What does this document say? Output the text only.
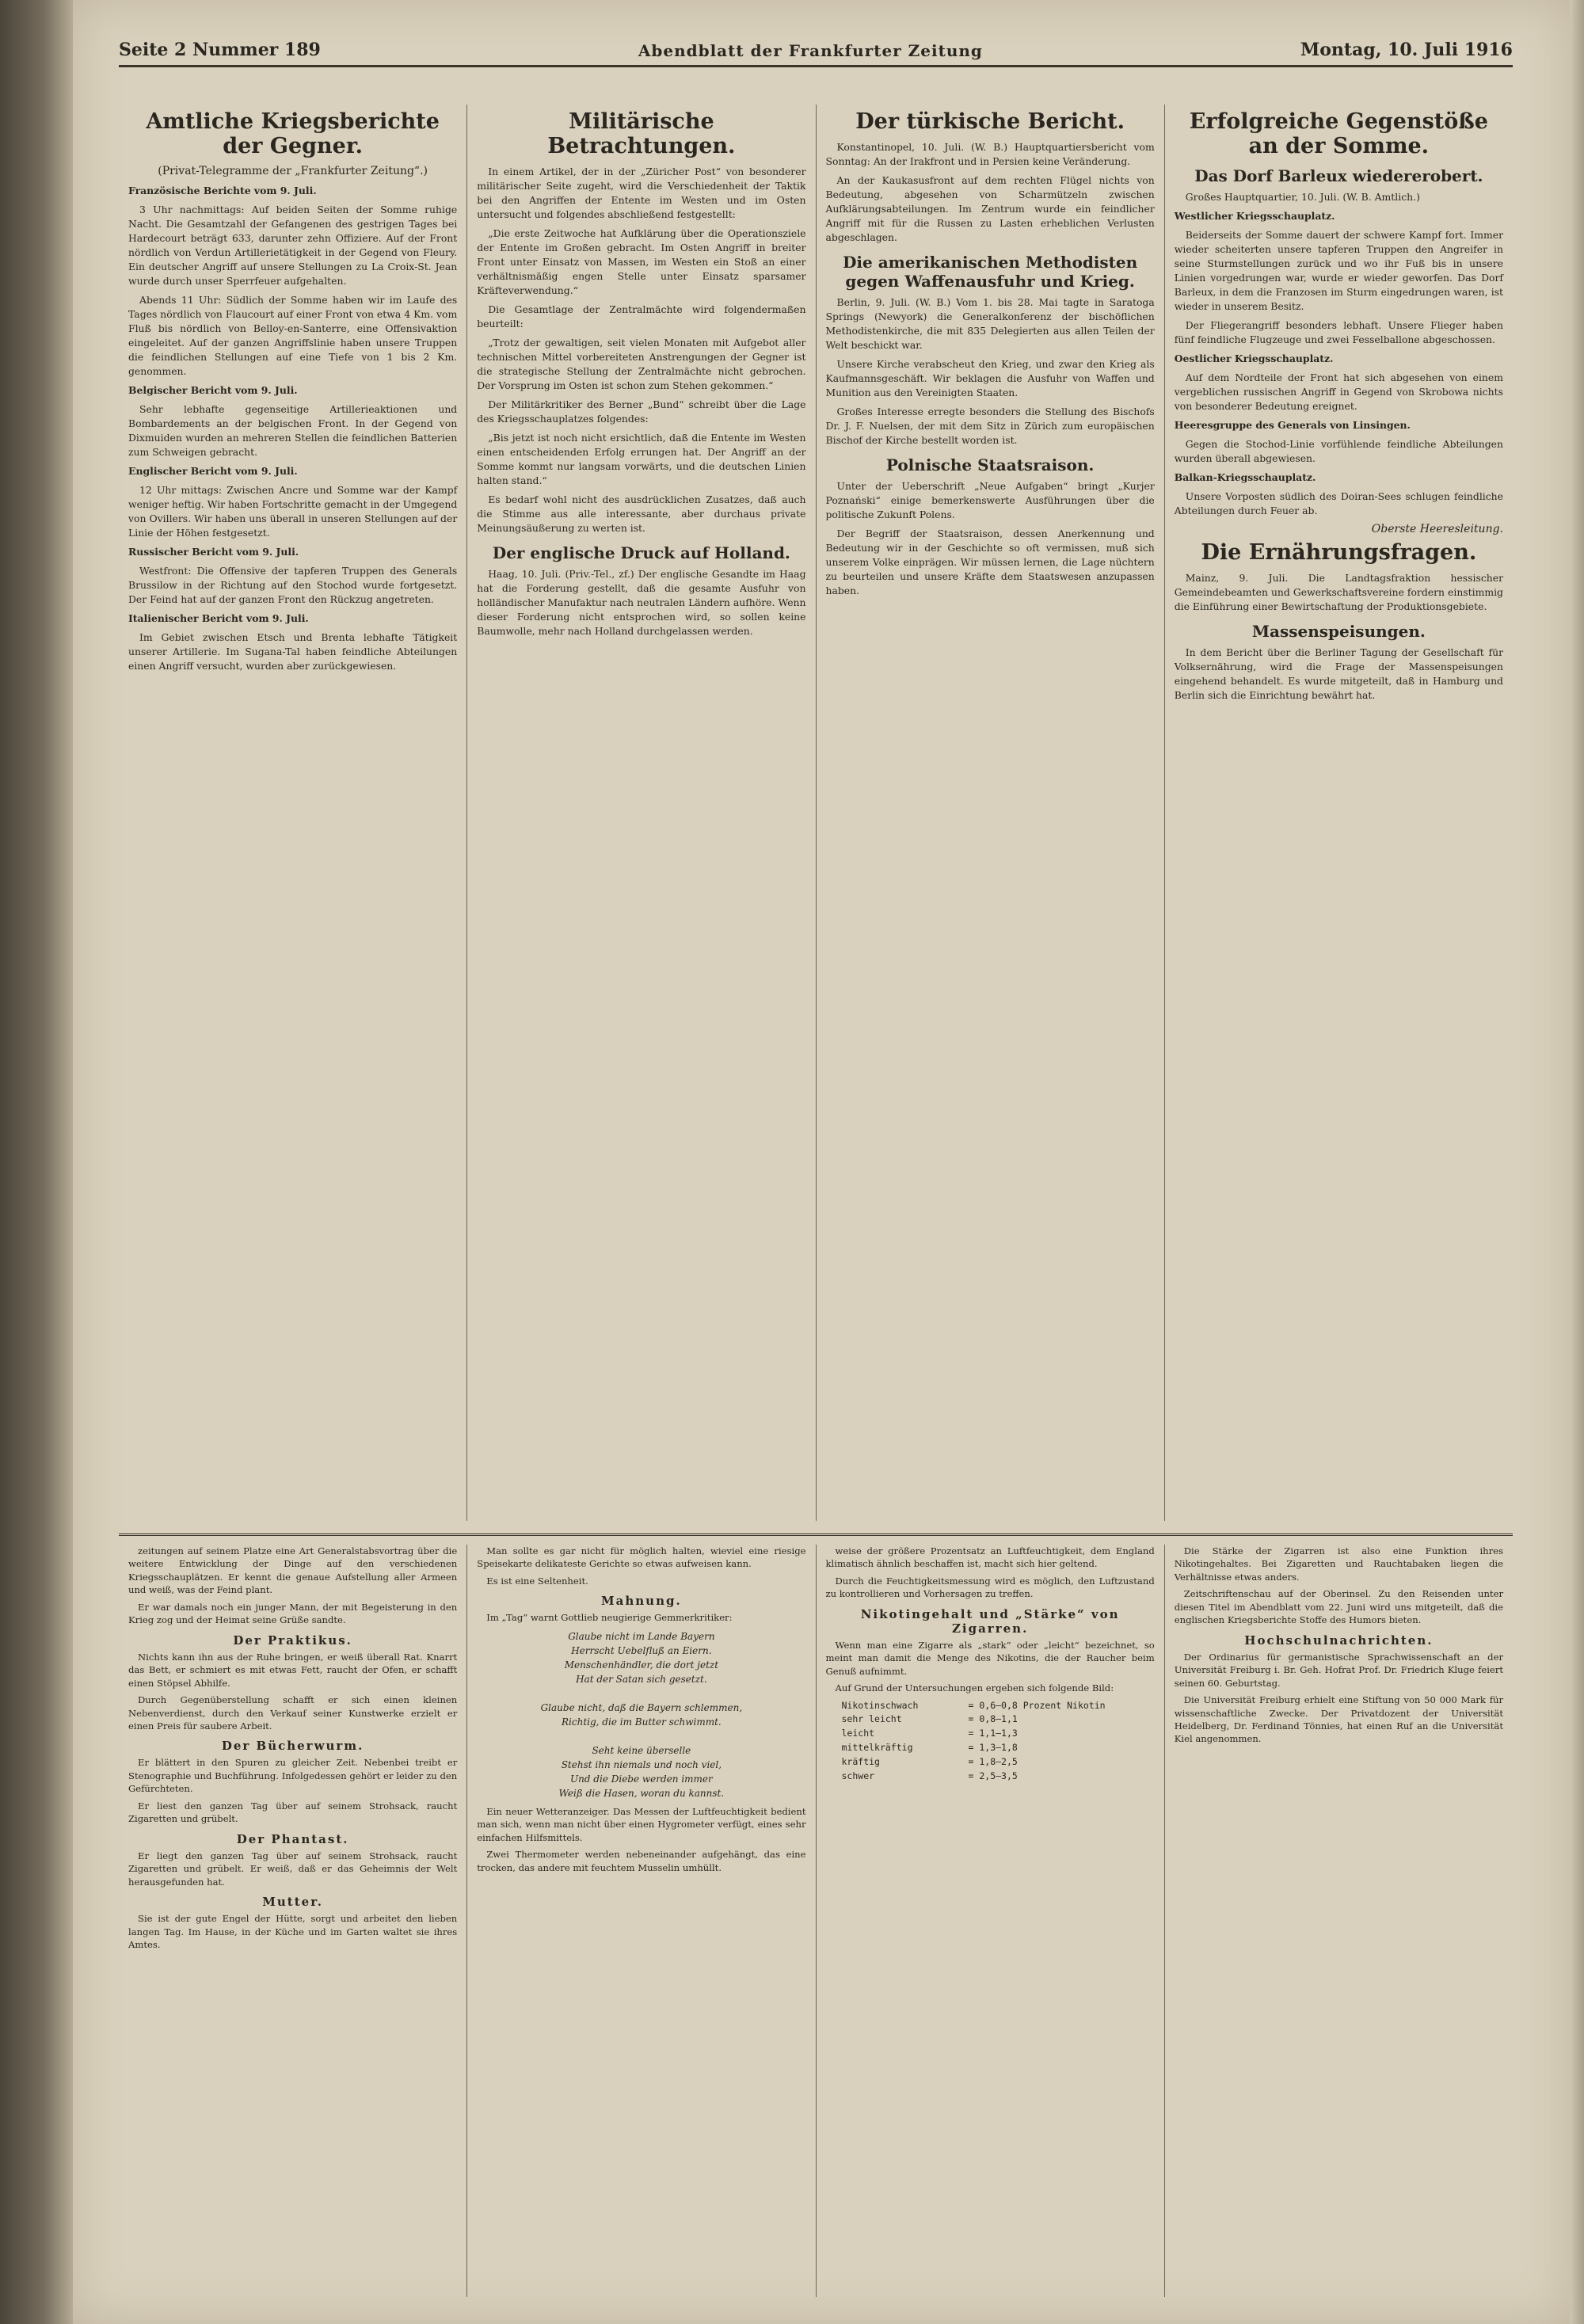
Seite 2 Nummer 189	Abendblatt der Frankfurter Zeitung	Montag, 10. Juli 1916
Amtliche Kriegsberichte der Gegner.
(Privat-Telegramme der „Frankfurter Zeitung“.)

Französische Berichte vom 9. Juli.

3 Uhr nachmittags: Auf beiden Seiten der Somme ruhige Nacht. Die Gesamtzahl der Gefangenen des gestrigen Tages bei Hardecourt beträgt 633, darunter zehn Offiziere. Auf der Front nördlich von Verdun Artillerietätigkeit in der Gegend von Fleury. Ein deutscher Angriff auf unsere Stellungen zu La Croix-St. Jean wurde durch unser Sperrfeuer aufgehalten.

Abends 11 Uhr: Südlich der Somme haben wir im Laufe des Tages nördlich von Flaucourt auf einer Front von etwa 4 Km. vom Fluß bis nördlich von Belloy-en-Santerre, eine Offensivaktion eingeleitet. Auf der ganzen Angriffslinie haben unsere Truppen die feindlichen Stellungen auf eine Tiefe von 1 bis 2 Km. genommen.

Belgischer Bericht vom 9. Juli.

Sehr lebhafte gegenseitige Artillerieaktionen und Bombardements an der belgischen Front. In der Gegend von Dixmuiden wurden an mehreren Stellen die feindlichen Batterien zum Schweigen gebracht.

Englischer Bericht vom 9. Juli.

12 Uhr mittags: Zwischen Ancre und Somme war der Kampf weniger heftig. Wir haben Fortschritte gemacht in der Umgegend von Ovillers. Wir haben uns überall in unseren Stellungen auf der Linie der Höhen festgesetzt.

Russischer Bericht vom 9. Juli.

Westfront: Die Offensive der tapferen Truppen des Generals Brussilow in der Richtung auf den Stochod wurde fortgesetzt. Der Feind hat auf der ganzen Front den Rückzug angetreten.

Italienischer Bericht vom 9. Juli.

Im Gebiet zwischen Etsch und Brenta lebhafte Tätigkeit unserer Artillerie. Im Sugana-Tal haben feindliche Abteilungen einen Angriff versucht, wurden aber zurückgewiesen.

Militärische Betrachtungen.

In einem Artikel, der in der „Züricher Post“ von besonderer militärischer Seite zugeht, wird die Verschiedenheit der Taktik bei den Angriffen der Entente im Westen und im Osten untersucht und folgendes abschließend festgestellt:

„Die erste Zeitwoche hat Aufklärung über die Operationsziele der Entente im Großen gebracht. Im Osten Angriff in breiter Front unter Einsatz von Massen, im Westen ein Stoß an einer verhältnismäßig engen Stelle unter Einsatz sparsamer Kräfteverwendung.“

Die Gesamtlage der Zentralmächte wird folgendermaßen beurteilt:

„Trotz der gewaltigen, seit vielen Monaten mit Aufgebot aller technischen Mittel vorbereiteten Anstrengungen der Gegner ist die strategische Stellung der Zentralmächte nicht gebrochen. Der Vorsprung im Osten ist schon zum Stehen gekommen.“

Der Militärkritiker des Berner „Bund“ schreibt über die Lage des Kriegsschauplatzes folgendes:

„Bis jetzt ist noch nicht ersichtlich, daß die Entente im Westen einen entscheidenden Erfolg errungen hat. Der Angriff an der Somme kommt nur langsam vorwärts, und die deutschen Linien halten stand.“

Es bedarf wohl nicht des ausdrücklichen Zusatzes, daß auch die Stimme aus alle interessante, aber durchaus private Meinungsäußerung zu werten ist.

Der englische Druck auf Holland.

Haag, 10. Juli. (Priv.-Tel., zf.) Der englische Gesandte im Haag hat die Forderung gestellt, daß die gesamte Ausfuhr von holländischer Manufaktur nach neutralen Ländern aufhöre. Wenn dieser Forderung nicht entsprochen wird, so sollen keine Baumwolle, mehr nach Holland durchgelassen werden.

Der türkische Bericht.

Konstantinopel, 10. Juli. (W. B.) Hauptquartiersbericht vom Sonntag: An der Irakfront und in Persien keine Veränderung.

An der Kaukasusfront auf dem rechten Flügel nichts von Bedeutung, abgesehen von Scharmützeln zwischen Aufklärungsabteilungen. Im Zentrum wurde ein feindlicher Angriff mit für die Russen zu Lasten erheblichen Verlusten abgeschlagen.

Die amerikanischen Methodisten gegen Waffenausfuhr und Krieg.

Berlin, 9. Juli. (W. B.) Vom 1. bis 28. Mai tagte in Saratoga Springs (Newyork) die Generalkonferenz der bischöflichen Methodistenkirche, die mit 835 Delegierten aus allen Teilen der Welt beschickt war.

Unsere Kirche verabscheut den Krieg, und zwar den Krieg als Kaufmannsgeschäft. Wir beklagen die Ausfuhr von Waffen und Munition aus den Vereinigten Staaten.

Großes Interesse erregte besonders die Stellung des Bischofs Dr. J. F. Nuelsen, der mit dem Sitz in Zürich zum europäischen Bischof der Kirche bestellt worden ist.

Polnische Staatsraison.

Unter der Ueberschrift „Neue Aufgaben“ bringt „Kurjer Poznański“ einige bemerkenswerte Ausführungen über die politische Zukunft Polens.

Der Begriff der Staatsraison, dessen Anerkennung und Bedeutung wir in der Geschichte so oft vermissen, muß sich unserem Volke einprägen. Wir müssen lernen, die Lage nüchtern zu beurteilen und unsere Kräfte dem Staatswesen anzupassen haben.

Erfolgreiche Gegenstöße an der Somme.
Das Dorf Barleux wiedererobert.

Großes Hauptquartier, 10. Juli. (W. B. Amtlich.)

Westlicher Kriegsschauplatz.

Beiderseits der Somme dauert der schwere Kampf fort. Immer wieder scheiterten unsere tapferen Truppen den Angreifer in seine Sturmstellungen zurück und wo ihr Fuß bis in unsere Linien vorgedrungen war, wurde er wieder geworfen. Das Dorf Barleux, in dem die Franzosen im Sturm eingedrungen waren, ist wieder in unserem Besitz.

Der Fliegerangriff besonders lebhaft. Unsere Flieger haben fünf feindliche Flugzeuge und zwei Fesselballone abgeschossen.

Oestlicher Kriegsschauplatz.

Auf dem Nordteile der Front hat sich abgesehen von einem vergeblichen russischen Angriff in Gegend von Skrobowa nichts von besonderer Bedeutung ereignet.

Heeresgruppe des Generals von Linsingen.

Gegen die Stochod-Linie vorfühlende feindliche Abteilungen wurden überall abgewiesen.

Balkan-Kriegsschauplatz.

Unsere Vorposten südlich des Doiran-Sees schlugen feindliche Abteilungen durch Feuer ab.

Oberste Heeresleitung.
Die Ernährungsfragen.

Mainz, 9. Juli. Die Landtagsfraktion hessischer Gemeindebeamten und Gewerkschaftsvereine fordern einstimmig die Einführung einer Bewirtschaftung der Produktionsgebiete.

Massenspeisungen.

In dem Bericht über die Berliner Tagung der Gesellschaft für Volksernährung, wird die Frage der Massenspeisungen eingehend behandelt. Es wurde mitgeteilt, daß in Hamburg und Berlin sich die Einrichtung bewährt hat.

zeitungen auf seinem Platze eine Art Generalstabsvortrag über die weitere Entwicklung der Dinge auf den verschiedenen Kriegsschauplätzen. Er kennt die genaue Aufstellung aller Armeen und weiß, was der Feind plant.

Er war damals noch ein junger Mann, der mit Begeisterung in den Krieg zog und der Heimat seine Grüße sandte.

Der Praktikus.

Nichts kann ihn aus der Ruhe bringen, er weiß überall Rat. Knarrt das Bett, er schmiert es mit etwas Fett, raucht der Ofen, er schafft einen Stöpsel Abhilfe.

Durch Gegenüberstellung schafft er sich einen kleinen Nebenverdienst, durch den Verkauf seiner Kunstwerke erzielt er einen Preis für saubere Arbeit.

Der Bücherwurm.

Er blättert in den Spuren zu gleicher Zeit. Nebenbei treibt er Stenographie und Buchführung. Infolgedessen gehört er leider zu den Gefürchteten.

Er liest den ganzen Tag über auf seinem Strohsack, raucht Zigaretten und grübelt.

Der Phantast.

Er liegt den ganzen Tag über auf seinem Strohsack, raucht Zigaretten und grübelt. Er weiß, daß er das Geheimnis der Welt herausgefunden hat.

Mutter.

Sie ist der gute Engel der Hütte, sorgt und arbeitet den lieben langen Tag. Im Hause, in der Küche und im Garten waltet sie ihres Amtes.

Man sollte es gar nicht für möglich halten, wieviel eine riesige Speisekarte delikateste Gerichte so etwas aufweisen kann.

Es ist eine Seltenheit.

Mahnung.

Im „Tag“ warnt Gottlieb neugierige Gemmerkritiker:

Glaube nicht im Lande Bayern
Herrscht Uebelfluß an Eiern.
Menschenhändler, die dort jetzt
Hat der Satan sich gesetzt.

Glaube nicht, daß die Bayern schlemmen,
Richtig, die im Butter schwimmt.

Seht keine überselle
Stehst ihn niemals und noch viel,
Und die Diebe werden immer
Weiß die Hasen, woran du kannst.

Ein neuer Wetteranzeiger. Das Messen der Luftfeuchtigkeit bedient man sich, wenn man nicht über einen Hygrometer verfügt, eines sehr einfachen Hilfsmittels.

Zwei Thermometer werden nebeneinander aufgehängt, das eine trocken, das andere mit feuchtem Musselin umhüllt.

weise der größere Prozentsatz an Luftfeuchtigkeit, dem England klimatisch ähnlich beschaffen ist, macht sich hier geltend.

Durch die Feuchtigkeitsmessung wird es möglich, den Luftzustand zu kontrollieren und Vorhersagen zu treffen.

Nikotingehalt und „Stärke“ von Zigarren.

Wenn man eine Zigarre als „stark“ oder „leicht“ bezeichnet, so meint man damit die Menge des Nikotins, die der Raucher beim Genuß aufnimmt.

Auf Grund der Untersuchungen ergeben sich folgende Bild:

Nikotinschwach	= 0,6—0,8 Prozent Nikotin
sehr leicht	= 0,8—1,1
leicht	= 1,1—1,3
mittelkräftig	= 1,3—1,8
kräftig	= 1,8—2,5
schwer	= 2,5—3,5

Die Stärke der Zigarren ist also eine Funktion ihres Nikotingehaltes. Bei Zigaretten und Rauchtabaken liegen die Verhältnisse etwas anders.

Zeitschriftenschau auf der Oberinsel. Zu den Reisenden unter diesen Titel im Abendblatt vom 22. Juni wird uns mitgeteilt, daß die englischen Kriegsberichte Stoffe des Humors bieten.

Hochschulnachrichten.

Der Ordinarius für germanistische Sprachwissenschaft an der Universität Freiburg i. Br. Geh. Hofrat Prof. Dr. Friedrich Kluge feiert seinen 60. Geburtstag.

Die Universität Freiburg erhielt eine Stiftung von 50 000 Mark für wissenschaftliche Zwecke. Der Privatdozent der Universität Heidelberg, Dr. Ferdinand Tönnies, hat einen Ruf an die Universität Kiel angenommen.
